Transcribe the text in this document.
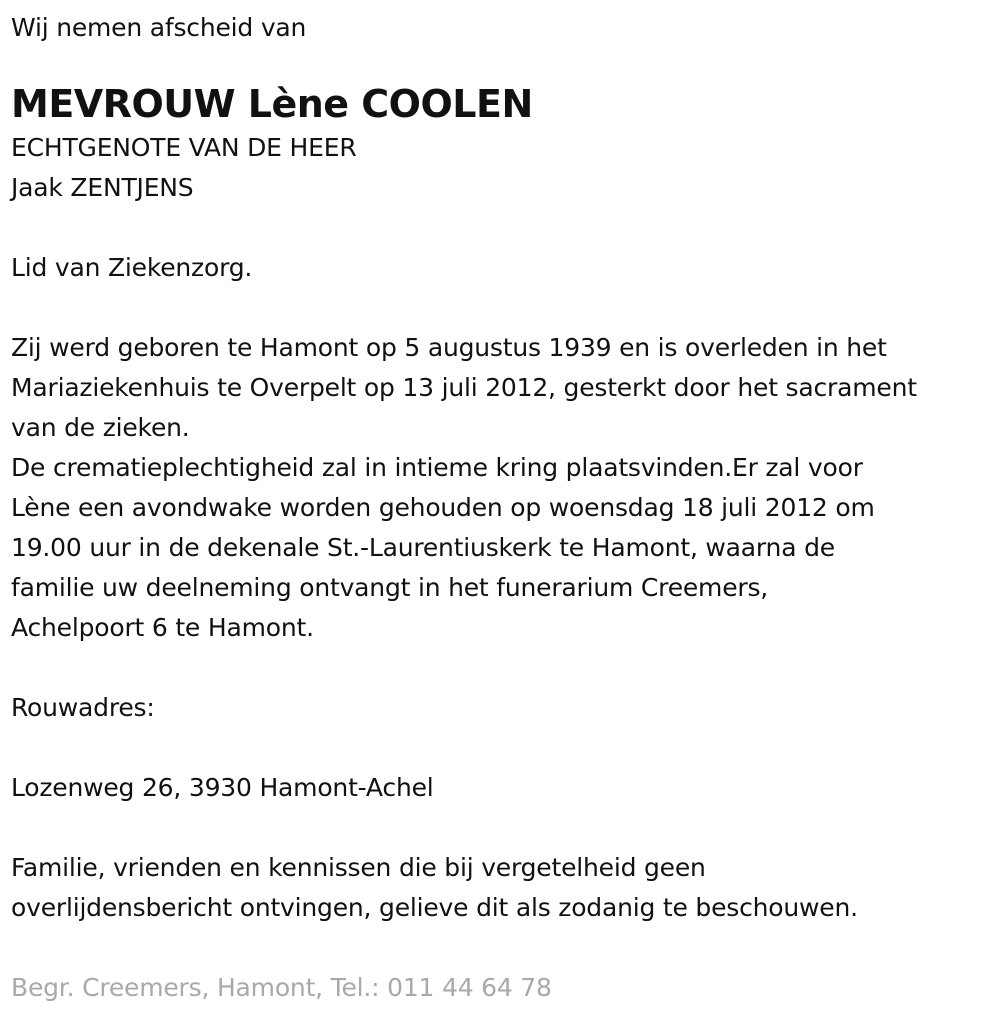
Wij nemen afscheid van
MEVROUW Lène COOLEN
ECHTGENOTE VAN DE HEER
Jaak ZENTJENS
Lid van Ziekenzorg.
Zij werd geboren te Hamont op 5 augustus 1939 en is overleden in het
Mariaziekenhuis te Overpelt op 13 juli 2012, gesterkt door het sacrament
van de zieken.
De crematieplechtigheid zal in intieme kring plaatsvinden.Er zal voor
Lène een avondwake worden gehouden op woensdag 18 juli 2012 om
19.00 uur in de dekenale St.-Laurentiuskerk te Hamont, waarna de
familie uw deelneming ontvangt in het funerarium Creemers,
Achelpoort 6 te Hamont.
Rouwadres:
Lozenweg 26, 3930 Hamont-Achel
Familie, vrienden en kennissen die bij vergetelheid geen
overlijdensbericht ontvingen, gelieve dit als zodanig te beschouwen.
Begr. Creemers, Hamont, Tel.: 011 44 64 78
